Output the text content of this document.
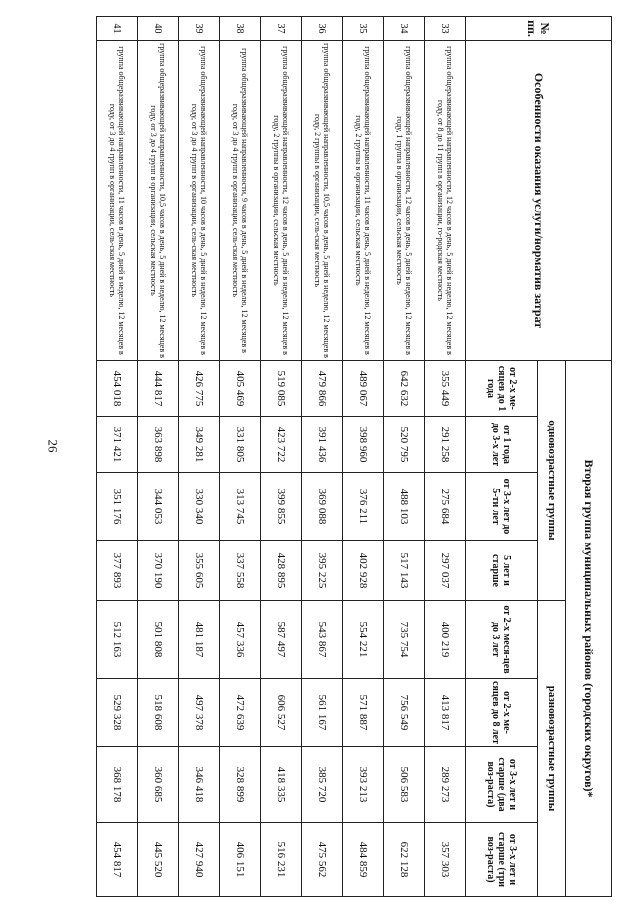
26
№ пп.	Особенности оказания услуги/норматив затрат	Вторая группа муниципальных районов (городских округов)*							
		одновозрастные группы				разновозрастные группы			
		от 2-х ме-сяцев до 1 года	от 1 года до 3-х лет	от 3-х лет до 5-ти лет	5 лет и старше	от 2-х меся-цев до 3 лет	от 2-х ме-сяцев до 8 лет	от 3-х лет и старше (два воз-раста)	от 3-х лет и старше (три воз-раста)
33	группа общеразвивающей направленности, 12 часов в день, 5 дней в неделю, 12 месяцев в году, от 8 до 11 групп в организации, го-родская местность	355 449	291 258	275 684	297 037	400 219	413 817	289 273	357 303
34	группа общеразвивающей направленности, 12 часов в день, 5 дней в неделю, 12 месяцев в году, 1 группа в организации, сельская местность	642 632	520 795	488 103	517 143	735 754	756 549	506 583	622 128
35	группа общеразвивающей направленности, 11 часов в день, 5 дней в неделю, 12 месяцев в году, 2 группы в организации, сельская местность	489 067	398 960	376 211	402 928	554 221	571 887	393 213	484 859
36	группа общеразвивающей направленности, 10,5 часов в день, 5 дней в неделю, 12 месяцев в году, 2 группы в организации, сель-ская местность	479 866	391 436	369 088	395 225	543 867	561 167	385 720	475 562
37	группа общеразвивающей направленности, 12 часов в день, 5 дней в неделю, 12 месяцев в году, 2 группы в организации, сельская местность	519 085	423 722	399 855	428 895	587 497	606 527	418 335	516 231
38	группа общеразвивающей направленности, 9 часов в день, 5 дней в неделю, 12 месяцев в году, от 3 до 4 групп в организации, сель-ская местность	405 469	331 805	313 745	337 558	457 336	472 639	328 899	406 151
39	группа общеразвивающей направленности, 10 часов в день, 5 дней в неделю, 12 месяцев в году, от 3 до 4 групп в организации, сель-ская местность	426 775	349 281	330 340	355 605	481 187	497 378	346 418	427 940
40	группа общеразвивающей направленности, 10,5 часов в день, 5 дней в неделю, 12 месяцев в году, от 3 до 4 групп в организации, сельская местность	444 817	363 898	344 053	370 190	501 808	518 608	360 685	445 520
41	группа общеразвивающей направленности, 11 часов в день, 5 дней в неделю, 12 месяцев в году, от 3 до 4 групп в организации, сель-ская местность	454 018	371 421	351 176	377 893	512 163	529 328	368 178	454 817
